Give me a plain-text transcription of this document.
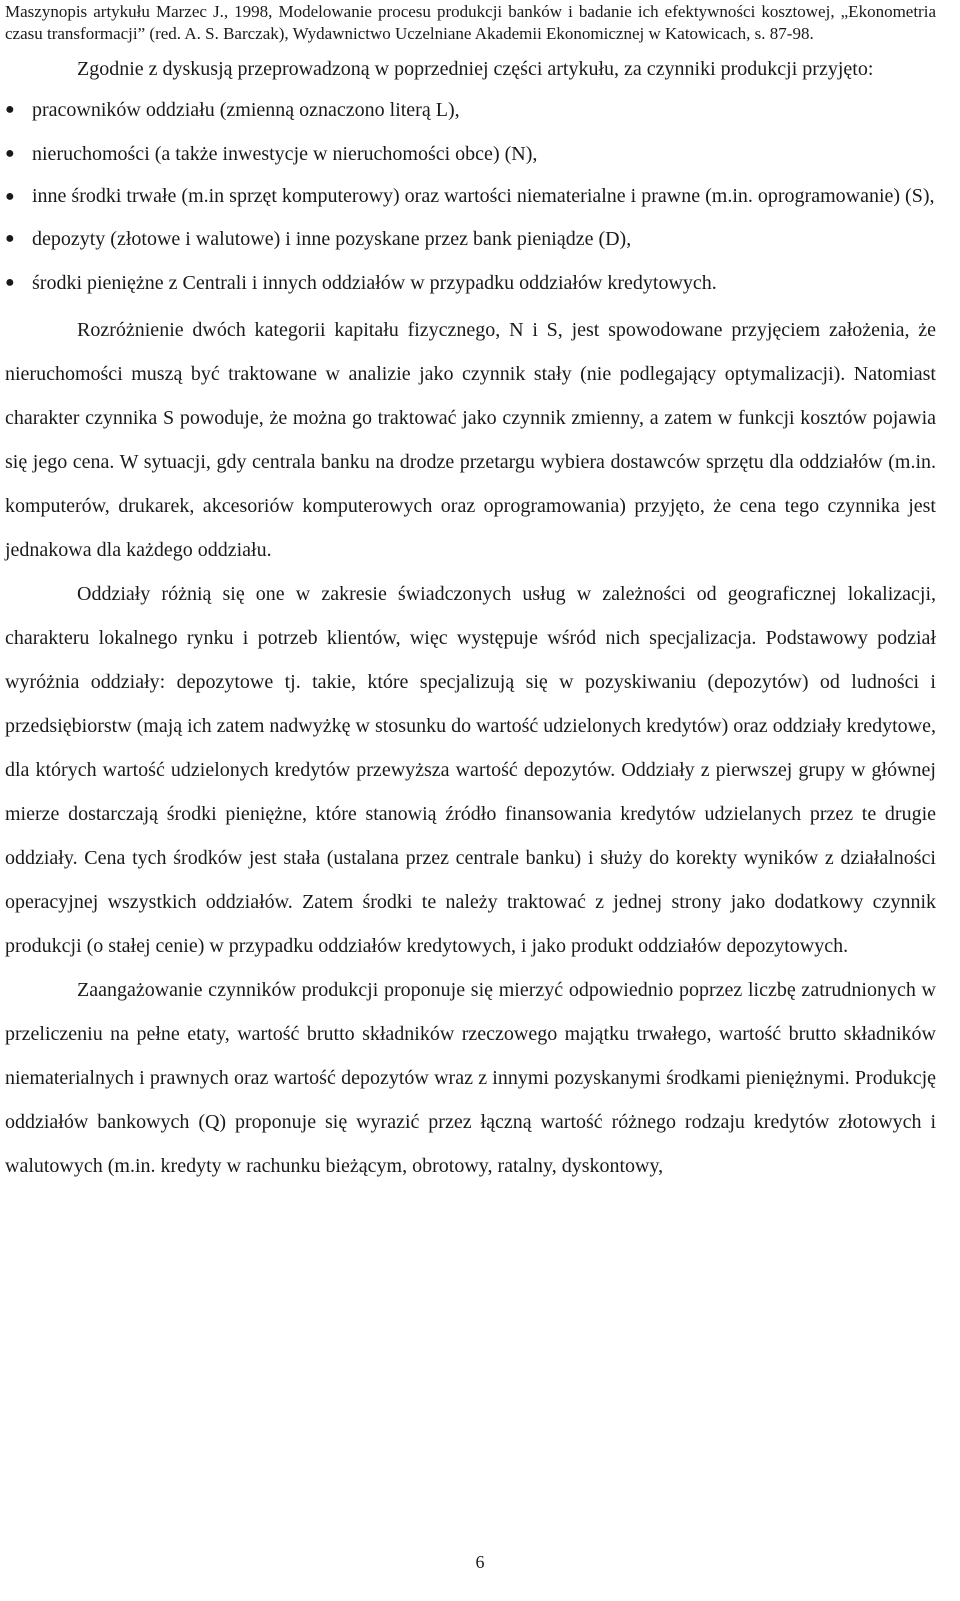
Maszynopis artykułu Marzec J., 1998, Modelowanie procesu produkcji banków i badanie ich efektywności kosztowej, „Ekonometria czasu transformacji” (red. A. S. Barczak), Wydawnictwo Uczelniane Akademii Ekonomicznej w Katowicach, s. 87-98.

Zgodnie z dyskusją przeprowadzoną w poprzedniej części artykułu, za czynniki produkcji przyjęto:

● pracowników oddziału (zmienną oznaczono literą L),
● nieruchomości (a także inwestycje w nieruchomości obce) (N),
● inne środki trwałe (m.in sprzęt komputerowy) oraz wartości niematerialne i prawne (m.in. oprogramowanie) (S),
● depozyty (złotowe i walutowe) i inne pozyskane przez bank pieniądze (D),
● środki pieniężne z Centrali i innych oddziałów w przypadku oddziałów kredytowych.

Rozróżnienie dwóch kategorii kapitału fizycznego, N i S, jest spowodowane przyjęciem założenia, że nieruchomości muszą być traktowane w analizie jako czynnik stały (nie podlegający optymalizacji). Natomiast charakter czynnika S powoduje, że można go traktować jako czynnik zmienny, a zatem w funkcji kosztów pojawia się jego cena. W sytuacji, gdy centrala banku na drodze przetargu wybiera dostawców sprzętu dla oddziałów (m.in. komputerów, drukarek, akcesoriów komputerowych oraz oprogramowania) przyjęto, że cena tego czynnika jest jednakowa dla każdego oddziału.

Oddziały różnią się one w zakresie świadczonych usług w zależności od geograficznej lokalizacji, charakteru lokalnego rynku i potrzeb klientów, więc występuje wśród nich specjalizacja. Podstawowy podział wyróżnia oddziały: depozytowe tj. takie, które specjalizują się w pozyskiwaniu (depozytów) od ludności i przedsiębiorstw (mają ich zatem nadwyżkę w stosunku do wartość udzielonych kredytów) oraz oddziały kredytowe, dla których wartość udzielonych kredytów przewyższa wartość depozytów. Oddziały z pierwszej grupy w głównej mierze dostarczają środki pieniężne, które stanowią źródło finansowania kredytów udzielanych przez te drugie oddziały. Cena tych środków jest stała (ustalana przez centrale banku) i służy do korekty wyników z działalności operacyjnej wszystkich oddziałów. Zatem środki te należy traktować z jednej strony jako dodatkowy czynnik produkcji (o stałej cenie) w przypadku oddziałów kredytowych, i jako produkt oddziałów depozytowych.

Zaangażowanie czynników produkcji proponuje się mierzyć odpowiednio poprzez liczbę zatrudnionych w przeliczeniu na pełne etaty, wartość brutto składników rzeczowego majątku trwałego, wartość brutto składników niematerialnych i prawnych oraz wartość depozytów wraz z innymi pozyskanymi środkami pieniężnymi. Produkcję oddziałów bankowych (Q) proponuje się wyrazić przez łączną wartość różnego rodzaju kredytów złotowych i walutowych (m.in. kredyty w rachunku bieżącym, obrotowy, ratalny, dyskontowy,

6
